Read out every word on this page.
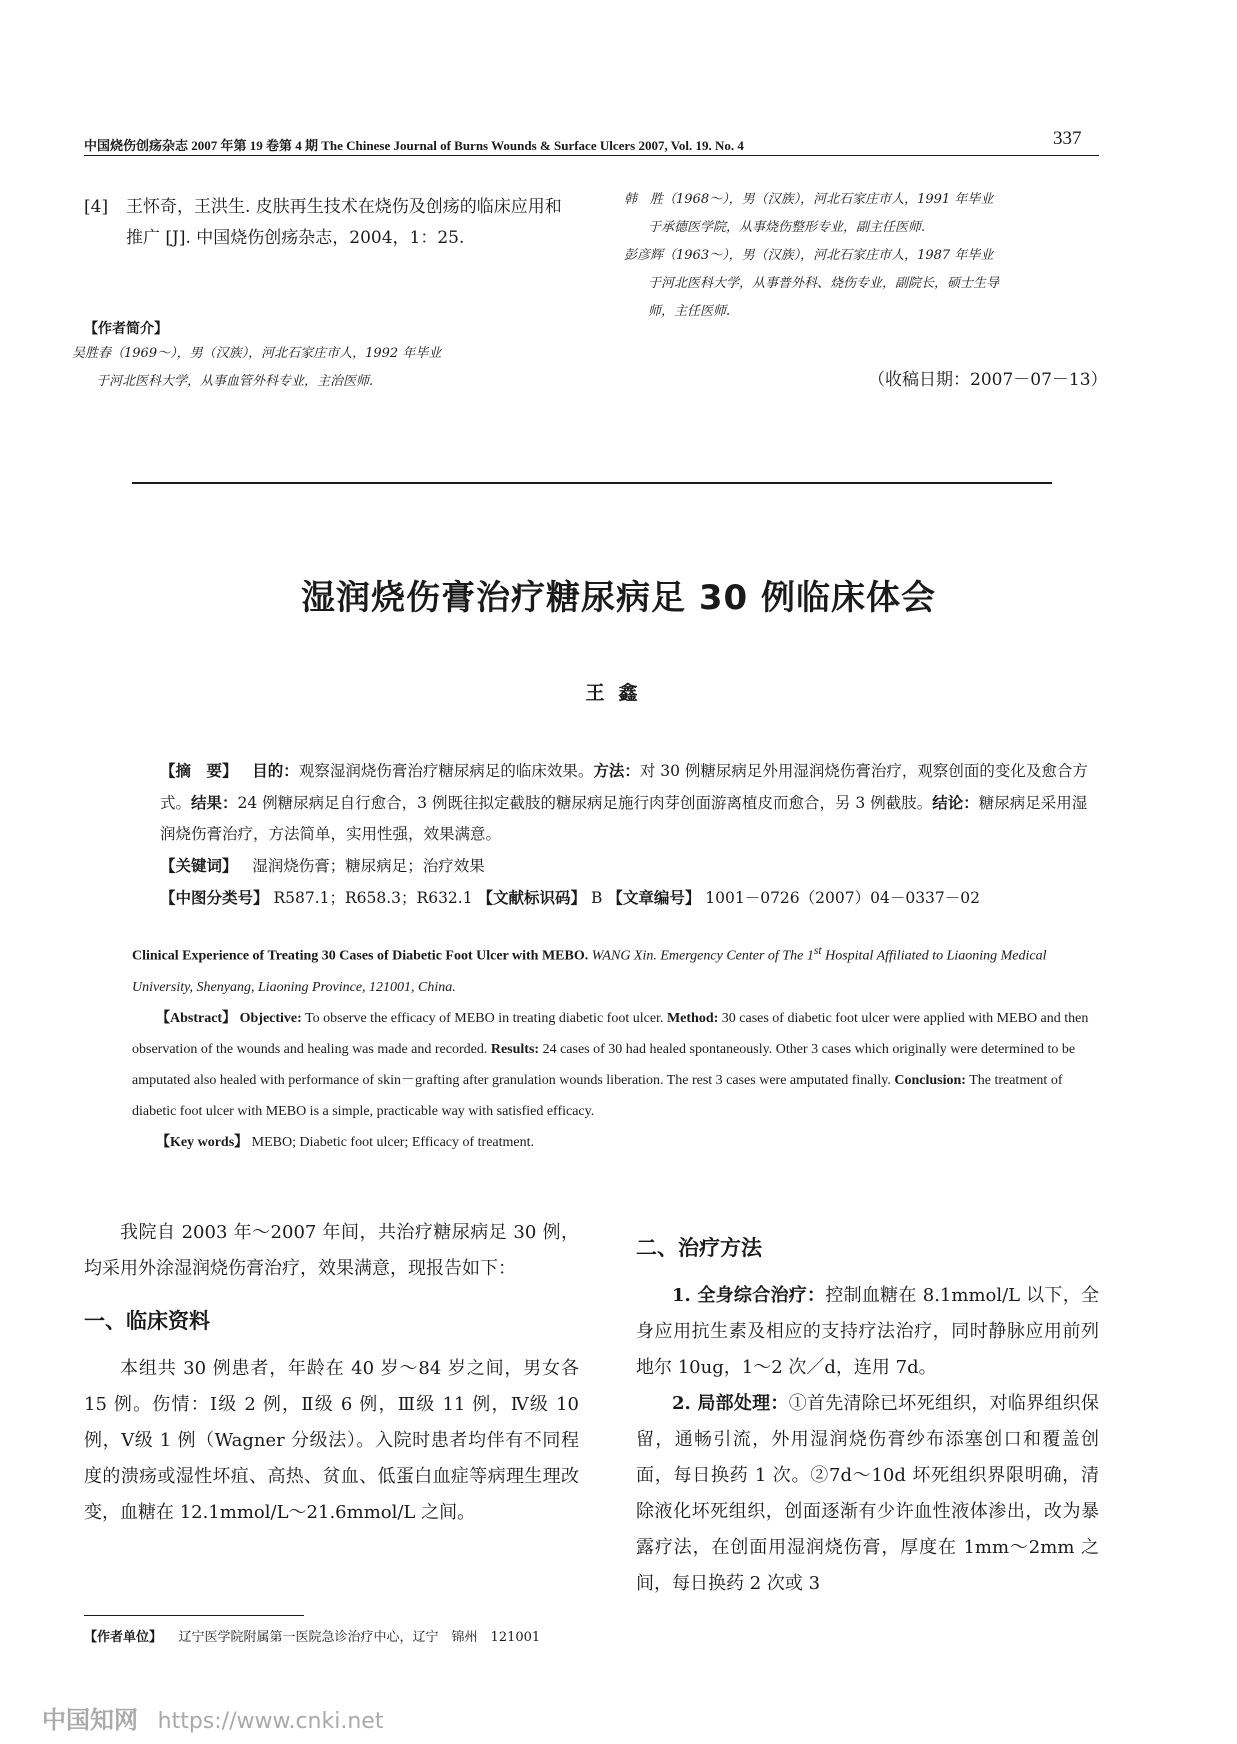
中国烧伤创疡杂志 2007 年第 19 卷第 4 期 The Chinese Journal of Burns Wounds & Surface Ulcers 2007, Vol. 19. No. 4	337
[4] 王怀奇，王洪生. 皮肤再生技术在烧伤及创疡的临床应用和推广 [J]. 中国烧伤创疡杂志，2004，1：25.
【作者简介】
吴胜春（1969～），男（汉族），河北石家庄市人，1992 年毕业
于河北医科大学，从事血管外科专业，主治医师.
韩　胜（1968～），男（汉族），河北石家庄市人，1991 年毕业
于承德医学院，从事烧伤整形专业，副主任医师.
彭彦辉（1963～），男（汉族），河北石家庄市人，1987 年毕业
于河北医科大学，从事普外科、烧伤专业，副院长，硕士生导
师，主任医师.
（收稿日期：2007－07－13）
湿润烧伤膏治疗糖尿病足 30 例临床体会
王鑫

【摘　要】 目的：观察湿润烧伤膏治疗糖尿病足的临床效果。方法：对 30 例糖尿病足外用湿润烧伤膏治疗，观察创面的变化及愈合方式。结果：24 例糖尿病足自行愈合，3 例既往拟定截肢的糖尿病足施行肉芽创面游离植皮而愈合，另 3 例截肢。结论：糖尿病足采用湿润烧伤膏治疗，方法简单，实用性强，效果满意。

【关键词】 湿润烧伤膏；糖尿病足；治疗效果

【中图分类号】 R587.1；R658.3；R632.1 【文献标识码】 B 【文章编号】 1001－0726（2007）04－0337－02

Clinical Experience of Treating 30 Cases of Diabetic Foot Ulcer with MEBO. WANG Xin. Emergency Center of The 1st Hospital Affiliated to Liaoning Medical University, Shenyang, Liaoning Province, 121001, China.

【Abstract】 Objective: To observe the efficacy of MEBO in treating diabetic foot ulcer. Method: 30 cases of diabetic foot ulcer were applied with MEBO and then observation of the wounds and healing was made and recorded. Results: 24 cases of 30 had healed spontaneously. Other 3 cases which originally were determined to be amputated also healed with performance of skin－grafting after granulation wounds liberation. The rest 3 cases were amputated finally. Conclusion: The treatment of diabetic foot ulcer with MEBO is a simple, practicable way with satisfied efficacy.

【Key words】 MEBO; Diabetic foot ulcer; Efficacy of treatment.

我院自 2003 年～2007 年间，共治疗糖尿病足 30 例，均采用外涂湿润烧伤膏治疗，效果满意，现报告如下：

一、临床资料

本组共 30 例患者，年龄在 40 岁～84 岁之间，男女各 15 例。伤情：Ⅰ级 2 例，Ⅱ级 6 例，Ⅲ级 11 例，Ⅳ级 10 例，Ⅴ级 1 例（Wagner 分级法）。入院时患者均伴有不同程度的溃疡或湿性坏疽、高热、贫血、低蛋白血症等病理生理改变，血糖在 12.1mmol/L～21.6mmol/L 之间。

二、治疗方法

1. 全身综合治疗：控制血糖在 8.1mmol/L 以下，全身应用抗生素及相应的支持疗法治疗，同时静脉应用前列地尔 10ug，1～2 次／d，连用 7d。

2. 局部处理：①首先清除已坏死组织，对临界组织保留，通畅引流，外用湿润烧伤膏纱布添塞创口和覆盖创面，每日换药 1 次。②7d～10d 坏死组织界限明确，清除液化坏死组织，创面逐渐有少许血性液体渗出，改为暴露疗法，在创面用湿润烧伤膏，厚度在 1mm～2mm 之间，每日换药 2 次或 3

【作者单位】 辽宁医学院附属第一医院急诊治疗中心，辽宁　锦州　121001
中国知网 https://www.cnki.net
